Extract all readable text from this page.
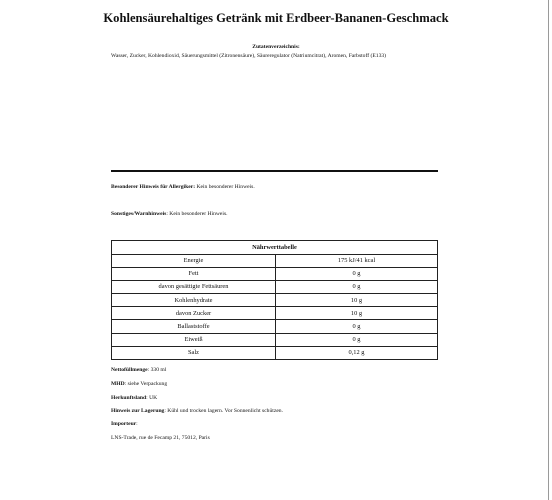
Kohlensäurehaltiges Getränk mit Erdbeer-Bananen-Geschmack
Zutatenverzeichnis:
Wasser, Zucker, Kohlendioxid, Säuerungsmittel (Zitronensäure), Säureregulator (Natriumcitrat), Aromen, Farbstoff (E133)
Besonderer Hinweis für Allergiker: Kein besonderer Hinweis.
Sonstiges/Warnhinweis: Kein besonderer Hinweis.
Nährwerttabelle	
Energie	175 kJ/41 kcal
Fett	0 g
davon gesättigte Fettsäuren	0 g
Kohlenhydrate	10 g
davon Zucker	10 g
Ballaststoffe	0 g
Eiweiß	0 g
Salz	0,12 g
Nettofüllmenge: 330 ml
MHD: siehe Verpackung
Herkunftsland: UK
Hinweis zur Lagerung: Kühl und trocken lagern. Vor Sonnenlicht schützen.
Importeur:
LNS-Trade, rue de Fecamp 21, 75012, Paris
